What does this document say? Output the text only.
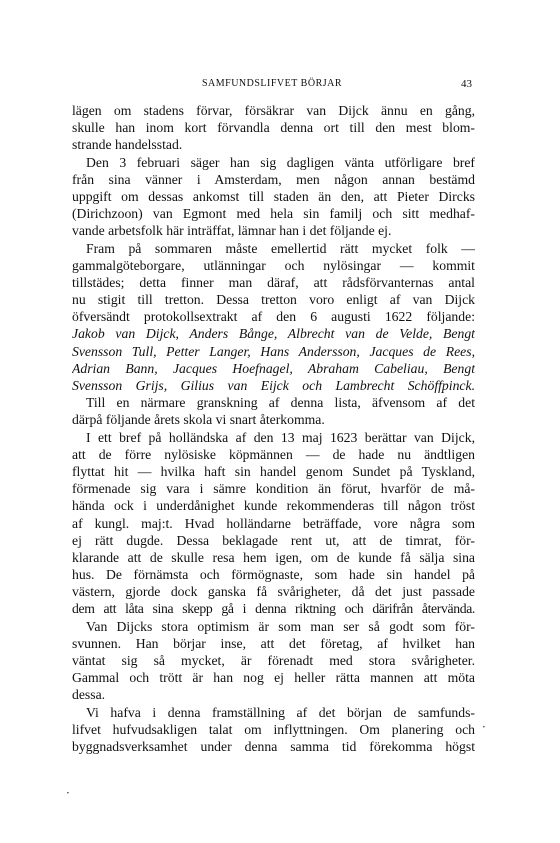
SAMFUNDSLIFVET BÖRJAR	43
lägen om stadens förvar, försäkrar van Dijck ännu en gång,
skulle han inom kort förvandla denna ort till den mest blom-
strande handelsstad.
Den 3 februari säger han sig dagligen vänta utförligare bref
från sina vänner i Amsterdam, men någon annan bestämd
uppgift om dessas ankomst till staden än den, att Pieter Dircks
(Dirichzoon) van Egmont med hela sin familj och sitt medhaf-
vande arbetsfolk här inträffat, lämnar han i det följande ej.
Fram på sommaren måste emellertid rätt mycket folk —
gammalgöteborgare, utlänningar och nylösingar — kommit
tillstädes; detta finner man däraf, att rådsförvanternas antal
nu stigit till tretton. Dessa tretton voro enligt af van Dijck
öfversändt protokollsextrakt af den 6 augusti 1622 följande:
Jakob van Dijck, Anders Bånge, Albrecht van de Velde, Bengt
Svensson Tull, Petter Langer, Hans Andersson, Jacques de Rees,
Adrian Bann, Jacques Hoefnagel, Abraham Cabeliau, Bengt
Svensson Grijs, Gilius van Eijck och Lambrecht Schöffpinck.
Till en närmare granskning af denna lista, äfvensom af det
därpå följande årets skola vi snart återkomma.
I ett bref på holländska af den 13 maj 1623 berättar van Dijck,
att de förre nylösiske köpmännen — de hade nu ändtligen
flyttat hit — hvilka haft sin handel genom Sundet på Tyskland,
förmenade sig vara i sämre kondition än förut, hvarför de må-
hända ock i underdånighet kunde rekommenderas till någon tröst
af kungl. maj:t. Hvad holländarne beträffade, vore några som
ej rätt dugde. Dessa beklagade rent ut, att de timrat, för-
klarande att de skulle resa hem igen, om de kunde få sälja sina
hus. De förnämsta och förmögnaste, som hade sin handel på
västern, gjorde dock ganska få svårigheter, då det just passade
dem att låta sina skepp gå i denna riktning och därifrån återvända.
Van Dijcks stora optimism är som man ser så godt som för-
svunnen. Han börjar inse, att det företag, af hvilket han
väntat sig så mycket, är förenadt med stora svårigheter.
Gammal och trött är han nog ej heller rätta mannen att möta
dessa.
Vi hafva i denna framställning af det början de samfunds-
lifvet hufvudsakligen talat om inflyttningen. Om planering och
byggnadsverksamhet under denna samma tid förekomma högst
·
·
